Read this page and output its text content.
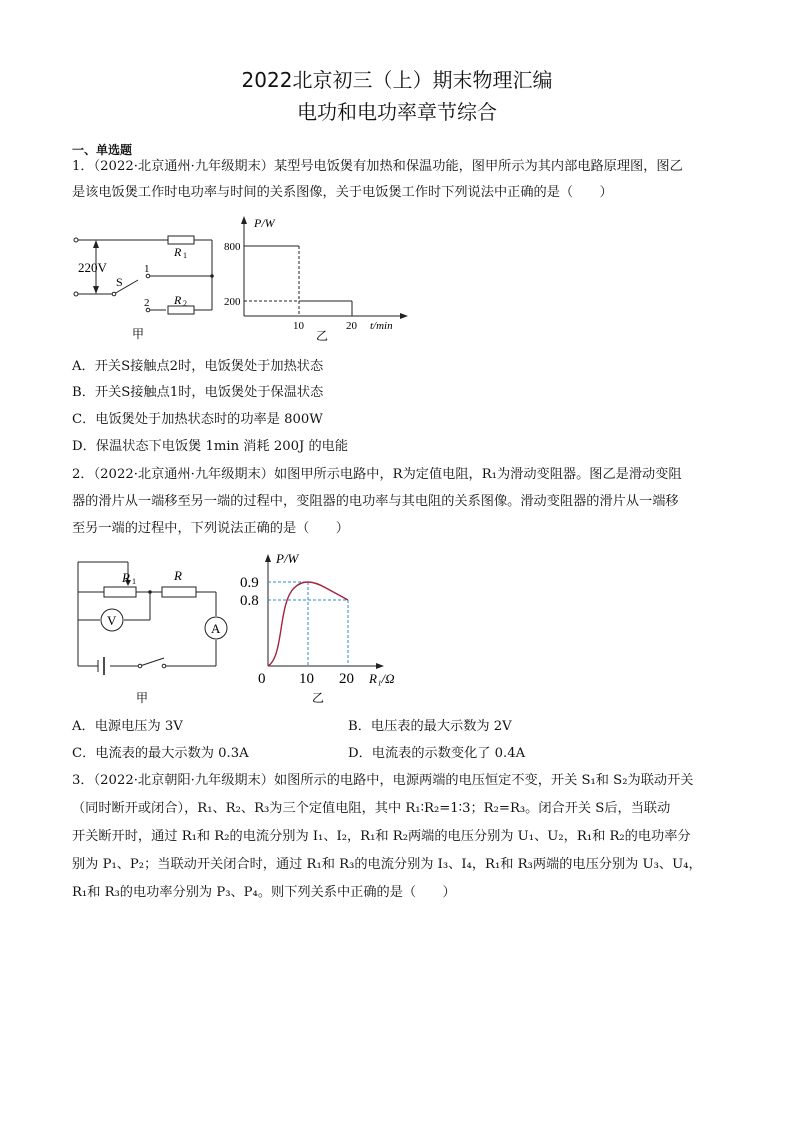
2022北京初三（上）期末物理汇编
电功和电功率章节综合
一、单选题
1．（2022·北京通州·九年级期末）某型号电饭煲有加热和保温功能，图甲所示为其内部电路原理图，图乙
是该电饭煲工作时电功率与时间的关系图像，关于电饭煲工作时下列说法中正确的是（　　）
220V
S
1
2
R 1
R 2
甲
P/W
t/min
800
200
10	20
乙
A．开关S接触点2时，电饭煲处于加热状态
B．开关S接触点1时，电饭煲处于保温状态
C．电饭煲处于加热状态时的功率是 800W
D．保温状态下电饭煲 1min 消耗 200J 的电能
2．（2022·北京通州·九年级期末）如图甲所示电路中，R为定值电阻，R₁为滑动变阻器。图乙是滑动变阻
器的滑片从一端移至另一端的过程中，变阻器的电功率与其电阻的关系图像。滑动变阻器的滑片从一端移
至另一端的过程中，下列说法正确的是（　　）
R 1	R
V
A
甲
P/W
R₁/Ω
0.9
0.8
0 10 20
乙
A．电源电压为 3V	B．电压表的最大示数为 2V
C．电流表的最大示数为 0.3A	D．电流表的示数变化了 0.4A
3．（2022·北京朝阳·九年级期末）如图所示的电路中，电源两端的电压恒定不变，开关 S₁和 S₂为联动开关
（同时断开或闭合），R₁、R₂、R₃为三个定值电阻，其中 R₁∶R₂=1∶3；R₂=R₃。闭合开关 S后，当联动
开关断开时，通过 R₁和 R₂的电流分别为 I₁、I₂，R₁和 R₂两端的电压分别为 U₁、U₂，R₁和 R₂的电功率分
别为 P₁、P₂；当联动开关闭合时，通过 R₁和 R₃的电流分别为 I₃、I₄，R₁和 R₃两端的电压分别为 U₃、U₄，
R₁和 R₃的电功率分别为 P₃、P₄。则下列关系中正确的是（　　）
